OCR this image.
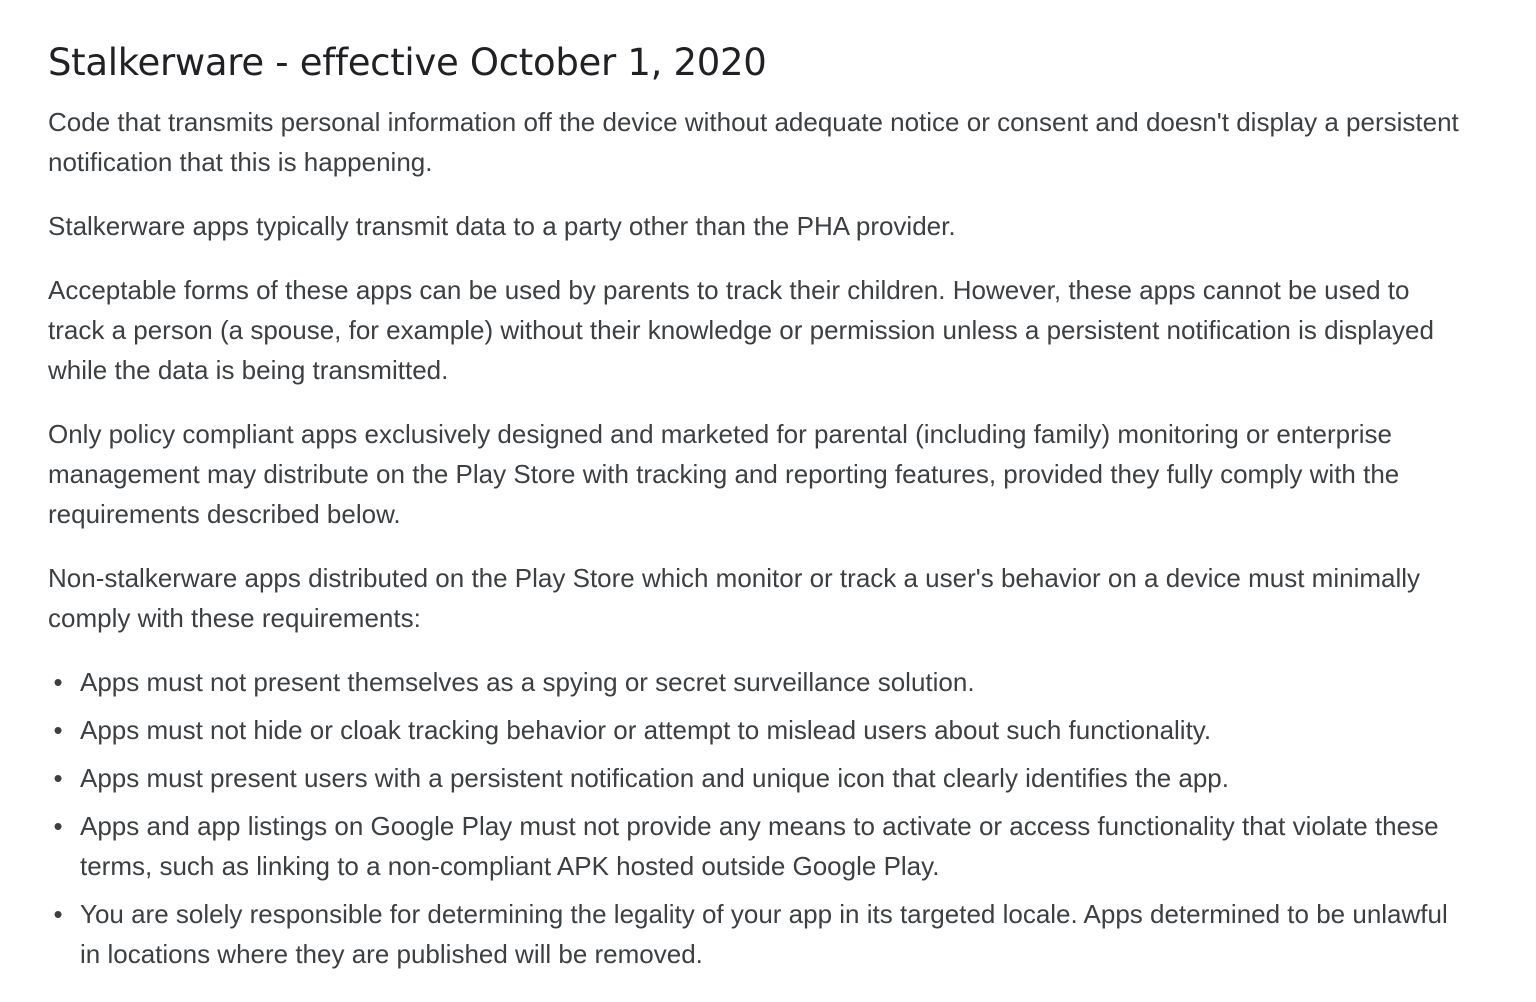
Stalkerware - effective October 1, 2020

Code that transmits personal information off the device without adequate notice or consent and doesn't display a persistent notification that this is happening.

Stalkerware apps typically transmit data to a party other than the PHA provider.

Acceptable forms of these apps can be used by parents to track their children. However, these apps cannot be used to track a person (a spouse, for example) without their knowledge or permission unless a persistent notification is displayed while the data is being transmitted.

Only policy compliant apps exclusively designed and marketed for parental (including family) monitoring or enterprise management may distribute on the Play Store with tracking and reporting features, provided they fully comply with the requirements described below.

Non-stalkerware apps distributed on the Play Store which monitor or track a user's behavior on a device must minimally comply with these requirements:

• Apps must not present themselves as a spying or secret surveillance solution.
• Apps must not hide or cloak tracking behavior or attempt to mislead users about such functionality.
• Apps must present users with a persistent notification and unique icon that clearly identifies the app.
• Apps and app listings on Google Play must not provide any means to activate or access functionality that violate these terms, such as linking to a non-compliant APK hosted outside Google Play.
• You are solely responsible for determining the legality of your app in its targeted locale. Apps determined to be unlawful in locations where they are published will be removed.
